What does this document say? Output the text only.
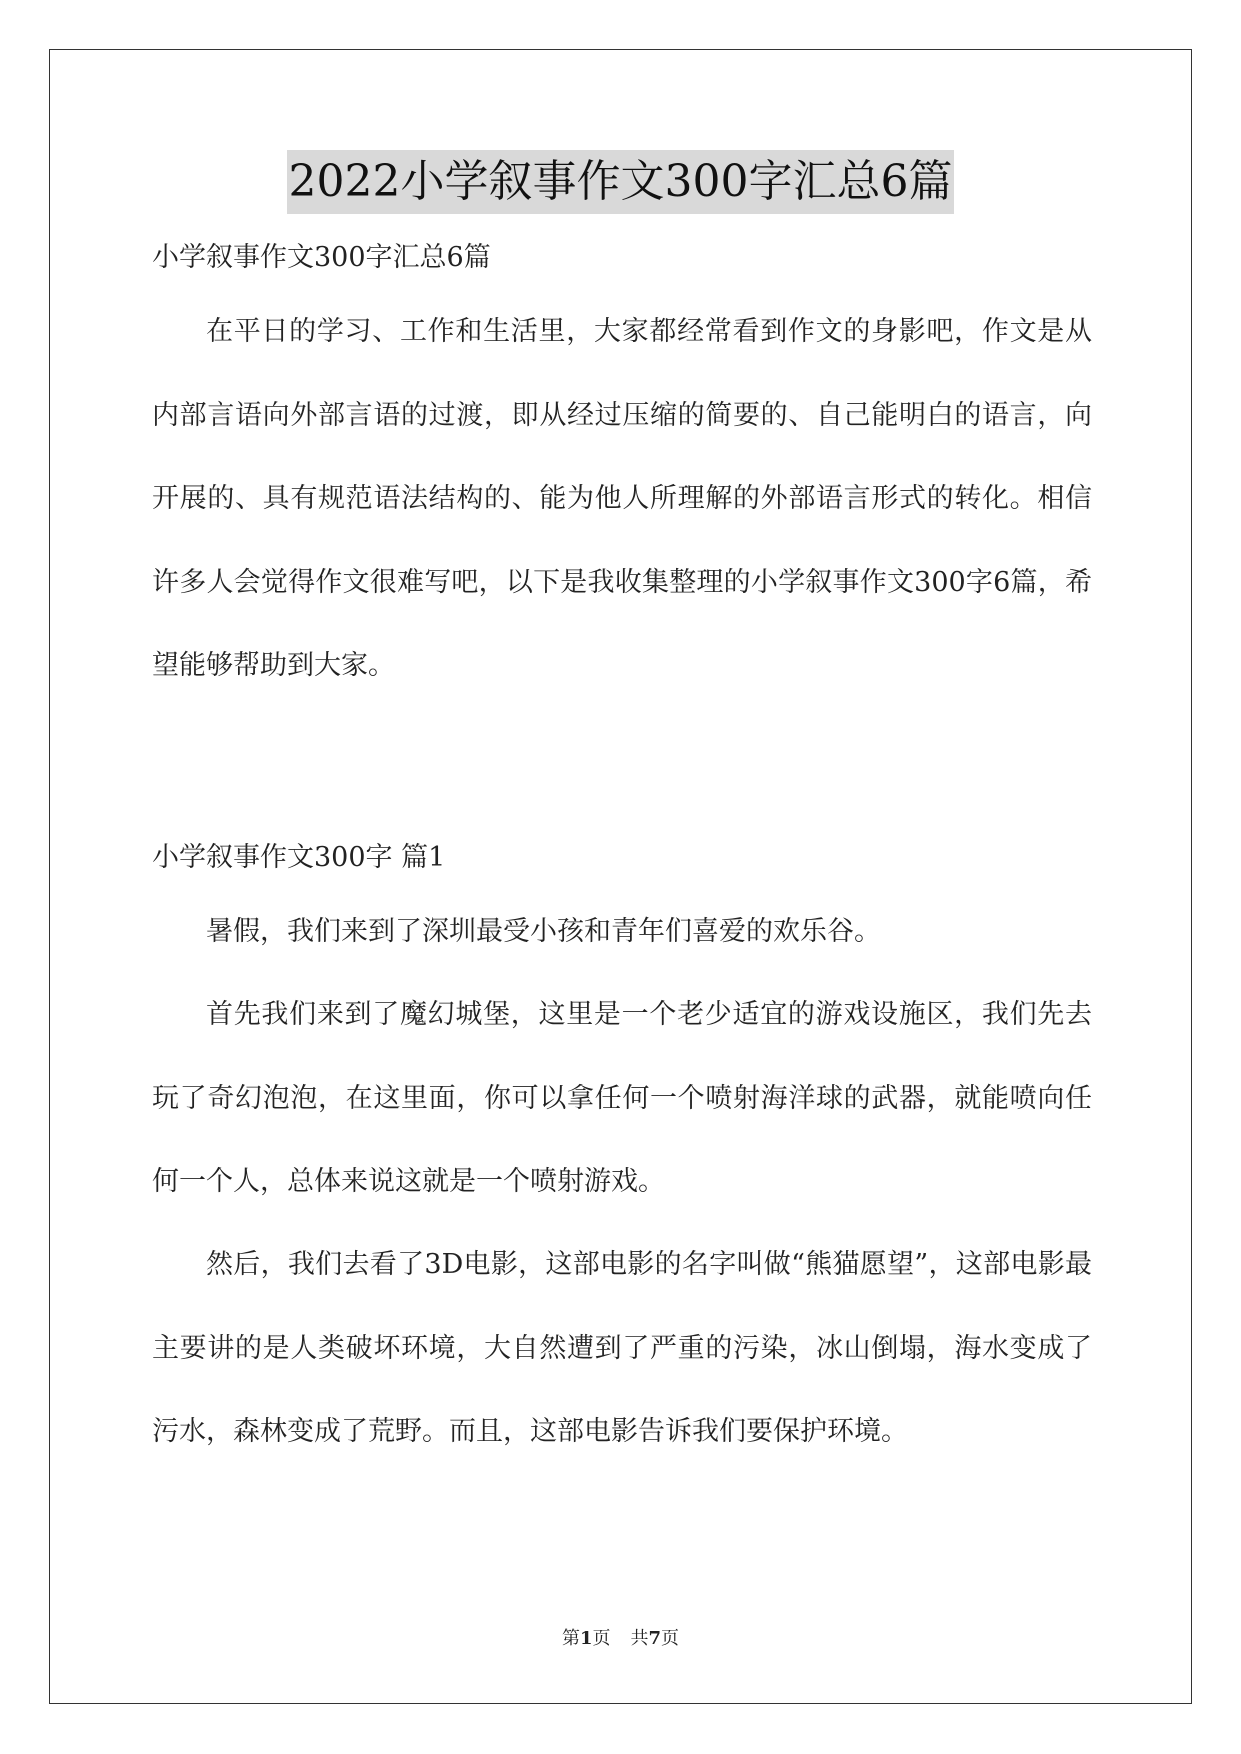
2022小学叙事作文300字汇总6篇
小学叙事作文300字汇总6篇
在平日的学习、工作和生活里，大家都经常看到作文的身影吧，作文是从内部言语向外部言语的过渡，即从经过压缩的简要的、自己能明白的语言，向开展的、具有规范语法结构的、能为他人所理解的外部语言形式的转化。相信许多人会觉得作文很难写吧，以下是我收集整理的小学叙事作文300字6篇，希望能够帮助到大家。
小学叙事作文300字 篇1
暑假，我们来到了深圳最受小孩和青年们喜爱的欢乐谷。
首先我们来到了魔幻城堡，这里是一个老少适宜的游戏设施区，我们先去玩了奇幻泡泡，在这里面，你可以拿任何一个喷射海洋球的武器，就能喷向任何一个人，总体来说这就是一个喷射游戏。
然后，我们去看了3D电影，这部电影的名字叫做“熊猫愿望”，这部电影最主要讲的是人类破坏环境，大自然遭到了严重的污染，冰山倒塌，海水变成了污水，森林变成了荒野。而且，这部电影告诉我们要保护环境。
第1页 共7页
